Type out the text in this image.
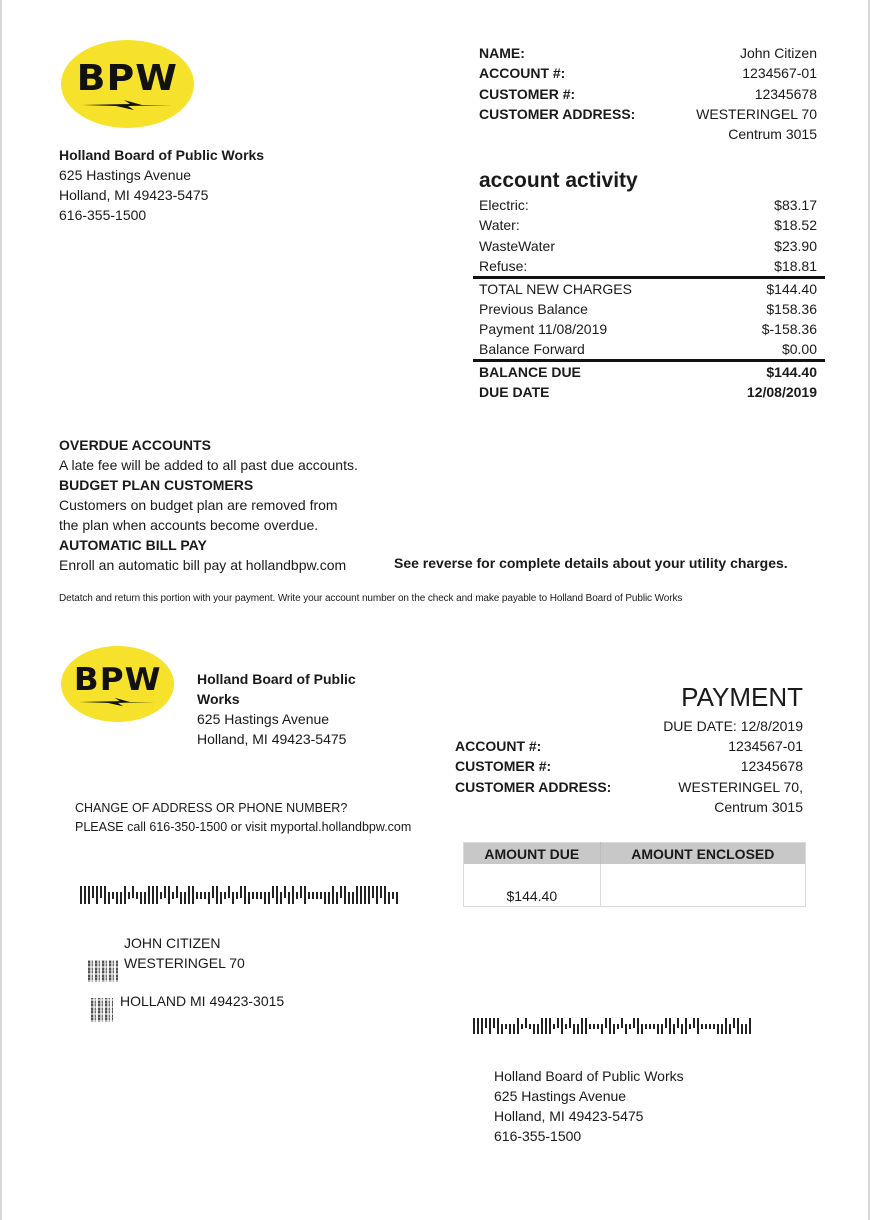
BPW
Holland Board of Public Works
625 Hastings Avenue
Holland, MI 49423-5475
616-355-1500
NAME:	John Citizen
ACCOUNT #:	1234567-01
CUSTOMER #:	12345678
CUSTOMER ADDRESS:	WESTERINGEL 70
Centrum 3015
account activity
Electric:	$83.17
Water:	$18.52
WasteWater	$23.90
Refuse:	$18.81
TOTAL NEW CHARGES	$144.40
Previous Balance	$158.36
Payment 11/08/2019	$-158.36
Balance Forward	$0.00
BALANCE DUE	$144.40
DUE DATE	12/08/2019
OVERDUE ACCOUNTS
A late fee will be added to all past due accounts.
BUDGET PLAN CUSTOMERS
Customers on budget plan are removed from
the plan when accounts become overdue.
AUTOMATIC BILL PAY
Enroll an automatic bill pay at hollandbpw.com	See reverse for complete details about your utility charges.
Detatch and return this portion with your payment. Write your account number on the check and make payable to Holland Board of Public Works
BPW	Holland Board of Public
Works
625 Hastings Avenue
Holland, MI 49423-5475
PAYMENT
DUE DATE: 12/8/2019
ACCOUNT #:	1234567-01
CUSTOMER #:	12345678
CUSTOMER ADDRESS:	WESTERINGEL 70,
Centrum 3015
CHANGE OF ADDRESS OR PHONE NUMBER?
PLEASE call 616-350-1500 or visit myportal.hollandbpw.com
AMOUNT DUE	AMOUNT ENCLOSED
$144.40	
JOHN CITIZEN
WESTERINGEL 70
HOLLAND MI 49423-3015
Holland Board of Public Works
625 Hastings Avenue
Holland, MI 49423-5475
616-355-1500
